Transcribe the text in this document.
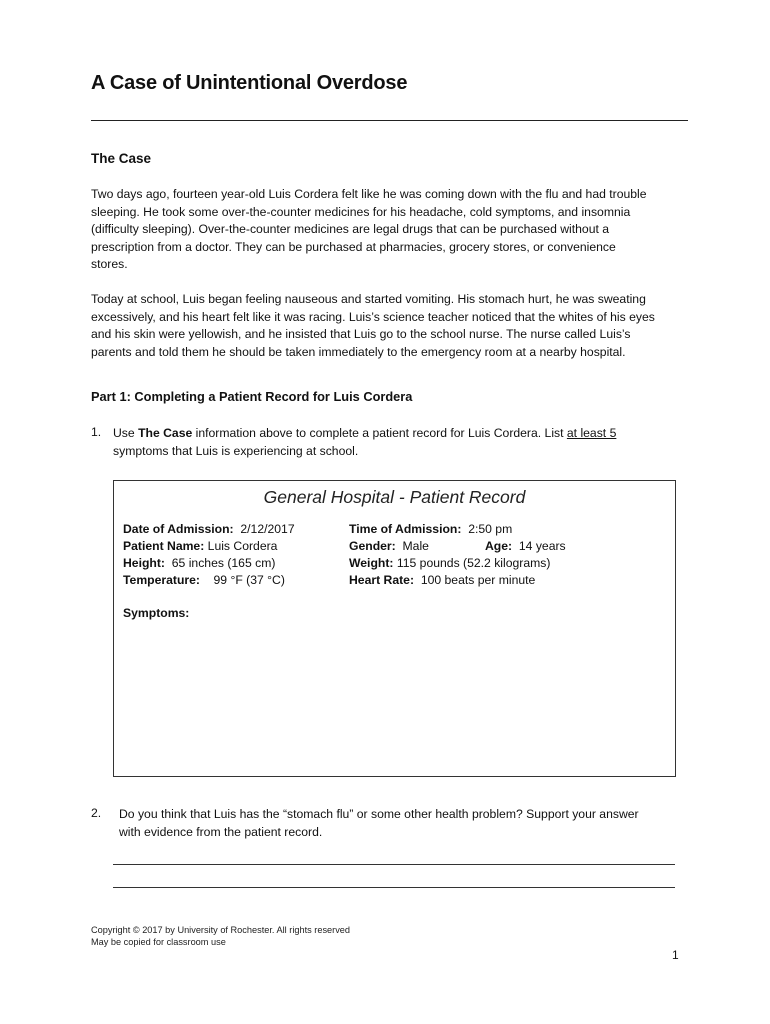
A Case of Unintentional Overdose
The Case
Two days ago, fourteen year-old Luis Cordera felt like he was coming down with the flu and had trouble
sleeping. He took some over-the-counter medicines for his headache, cold symptoms, and insomnia
(difficulty sleeping). Over-the-counter medicines are legal drugs that can be purchased without a
prescription from a doctor. They can be purchased at pharmacies, grocery stores, or convenience
stores.
Today at school, Luis began feeling nauseous and started vomiting. His stomach hurt, he was sweating
excessively, and his heart felt like it was racing. Luis’s science teacher noticed that the whites of his eyes
and his skin were yellowish, and he insisted that Luis go to the school nurse. The nurse called Luis’s
parents and told them he should be taken immediately to the emergency room at a nearby hospital.
Part 1: Completing a Patient Record for Luis Cordera
1. Use The Case information above to complete a patient record for Luis Cordera. List at least 5
symptoms that Luis is experiencing at school.
General Hospital - Patient Record
Date of Admission: 2/12/2017	Time of Admission: 2:50 pm
Patient Name: Luis Cordera	Gender: Male	Age: 14 years
Height: 65 inches (165 cm)	Weight: 115 pounds (52.2 kilograms)
Temperature: 99 °F (37 °C)	Heart Rate: 100 beats per minute
Symptoms:
2. Do you think that Luis has the “stomach flu” or some other health problem? Support your answer
with evidence from the patient record.
Copyright © 2017 by University of Rochester. All rights reserved
May be copied for classroom use
1
